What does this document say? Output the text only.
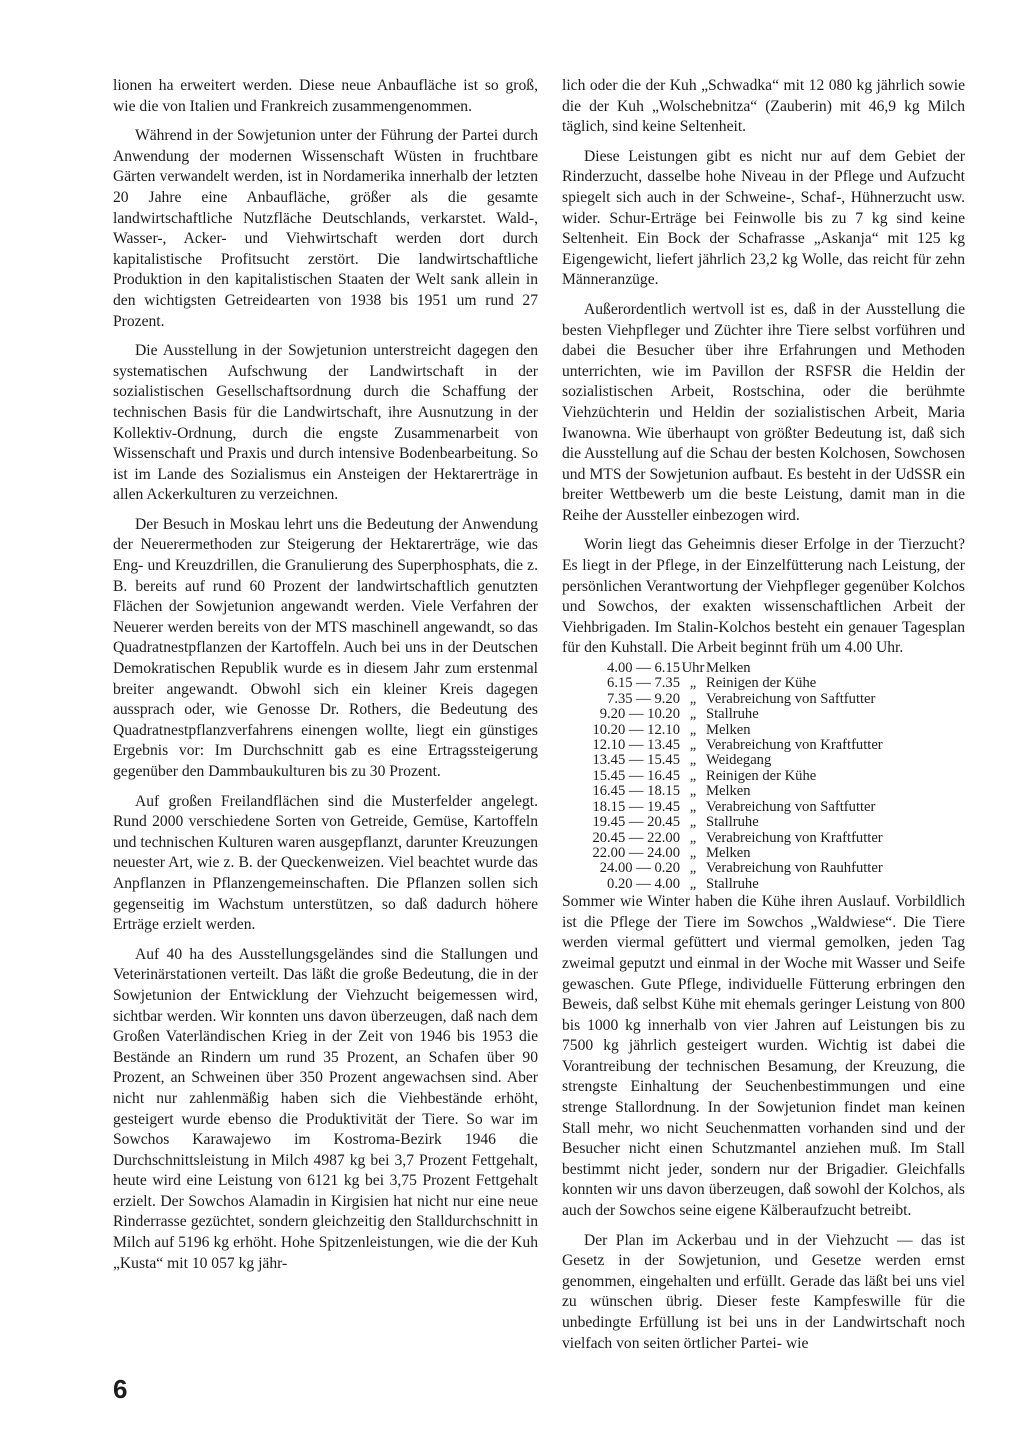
lionen ha erweitert werden. Diese neue Anbaufläche ist so groß, wie die von Italien und Frankreich zusammengenommen.

Während in der Sowjetunion unter der Führung der Partei durch Anwendung der modernen Wissenschaft Wüsten in fruchtbare Gärten verwandelt werden, ist in Nordamerika innerhalb der letzten 20 Jahre eine Anbaufläche, größer als die gesamte landwirtschaftliche Nutzfläche Deutschlands, verkarstet. Wald-, Wasser-, Acker- und Viehwirtschaft werden dort durch kapitalistische Profitsucht zerstört. Die landwirtschaftliche Produktion in den kapitalistischen Staaten der Welt sank allein in den wichtigsten Getreidearten von 1938 bis 1951 um rund 27 Prozent.

Die Ausstellung in der Sowjetunion unterstreicht dagegen den systematischen Aufschwung der Landwirtschaft in der sozialistischen Gesellschaftsordnung durch die Schaffung der technischen Basis für die Landwirtschaft, ihre Ausnutzung in der Kollektiv-Ordnung, durch die engste Zusammenarbeit von Wissenschaft und Praxis und durch intensive Bodenbearbeitung. So ist im Lande des Sozialismus ein Ansteigen der Hektarerträge in allen Ackerkulturen zu verzeichnen.

Der Besuch in Moskau lehrt uns die Bedeutung der Anwendung der Neuerermethoden zur Steigerung der Hektarerträge, wie das Eng- und Kreuzdrillen, die Granulierung des Superphosphats, die z. B. bereits auf rund 60 Prozent der landwirtschaftlich genutzten Flächen der Sowjetunion angewandt werden. Viele Verfahren der Neuerer werden bereits von der MTS maschinell angewandt, so das Quadratnestpflanzen der Kartoffeln. Auch bei uns in der Deutschen Demokratischen Republik wurde es in diesem Jahr zum erstenmal breiter angewandt. Obwohl sich ein kleiner Kreis dagegen aussprach oder, wie Genosse Dr. Rothers, die Bedeutung des Quadratnestpflanzverfahrens einengen wollte, liegt ein günstiges Ergebnis vor: Im Durchschnitt gab es eine Ertragssteigerung gegenüber den Dammbaukulturen bis zu 30 Prozent.

Auf großen Freilandflächen sind die Musterfelder angelegt. Rund 2000 verschiedene Sorten von Getreide, Gemüse, Kartoffeln und technischen Kulturen waren ausgepflanzt, darunter Kreuzungen neuester Art, wie z. B. der Queckenweizen. Viel beachtet wurde das Anpflanzen in Pflanzengemeinschaften. Die Pflanzen sollen sich gegenseitig im Wachstum unterstützen, so daß dadurch höhere Erträge erzielt werden.

Auf 40 ha des Ausstellungsgeländes sind die Stallungen und Veterinärstationen verteilt. Das läßt die große Bedeutung, die in der Sowjetunion der Entwicklung der Viehzucht beigemessen wird, sichtbar werden. Wir konnten uns davon überzeugen, daß nach dem Großen Vaterländischen Krieg in der Zeit von 1946 bis 1953 die Bestände an Rindern um rund 35 Prozent, an Schafen über 90 Prozent, an Schweinen über 350 Prozent angewachsen sind. Aber nicht nur zahlenmäßig haben sich die Viehbestände erhöht, gesteigert wurde ebenso die Produktivität der Tiere. So war im Sowchos Karawajewo im Kostroma-Bezirk 1946 die Durchschnittsleistung in Milch 4987 kg bei 3,7 Prozent Fettgehalt, heute wird eine Leistung von 6121 kg bei 3,75 Prozent Fettgehalt erzielt. Der Sowchos Alamadin in Kirgisien hat nicht nur eine neue Rinderrasse gezüchtet, sondern gleichzeitig den Stalldurchschnitt in Milch auf 5196 kg erhöht. Hohe Spitzenleistungen, wie die der Kuh „Kusta“ mit 10 057 kg jähr-

lich oder die der Kuh „Schwadka“ mit 12 080 kg jährlich sowie die der Kuh „Wolschebnitza“ (Zauberin) mit 46,9 kg Milch täglich, sind keine Seltenheit.

Diese Leistungen gibt es nicht nur auf dem Gebiet der Rinderzucht, dasselbe hohe Niveau in der Pflege und Aufzucht spiegelt sich auch in der Schweine-, Schaf-, Hühnerzucht usw. wider. Schur-Erträge bei Feinwolle bis zu 7 kg sind keine Seltenheit. Ein Bock der Schafrasse „Askanja“ mit 125 kg Eigengewicht, liefert jährlich 23,2 kg Wolle, das reicht für zehn Männeranzüge.

Außerordentlich wertvoll ist es, daß in der Ausstellung die besten Viehpfleger und Züchter ihre Tiere selbst vorführen und dabei die Besucher über ihre Erfahrungen und Methoden unterrichten, wie im Pavillon der RSFSR die Heldin der sozialistischen Arbeit, Rostschina, oder die berühmte Viehzüchterin und Heldin der sozialistischen Arbeit, Maria Iwanowna. Wie überhaupt von größter Bedeutung ist, daß sich die Ausstellung auf die Schau der besten Kolchosen, Sowchosen und MTS der Sowjetunion aufbaut. Es besteht in der UdSSR ein breiter Wettbewerb um die beste Leistung, damit man in die Reihe der Aussteller einbezogen wird.

Worin liegt das Geheimnis dieser Erfolge in der Tierzucht? Es liegt in der Pflege, in der Einzelfütterung nach Leistung, der persönlichen Verantwortung der Viehpfleger gegenüber Kolchos und Sowchos, der exakten wissenschaftlichen Arbeit der Viehbrigaden. Im Stalin-Kolchos besteht ein genauer Tagesplan für den Kuhstall. Die Arbeit beginnt früh um 4.00 Uhr.

4.00 — 6.15 Uhr Melken
6.15 — 7.35 „ Reinigen der Kühe
7.35 — 9.20 „ Verabreichung von Saftfutter
9.20 — 10.20 „ Stallruhe
10.20 — 12.10 „ Melken
12.10 — 13.45 „ Verabreichung von Kraftfutter
13.45 — 15.45 „ Weidegang
15.45 — 16.45 „ Reinigen der Kühe
16.45 — 18.15 „ Melken
18.15 — 19.45 „ Verabreichung von Saftfutter
19.45 — 20.45 „ Stallruhe
20.45 — 22.00 „ Verabreichung von Kraftfutter
22.00 — 24.00 „ Melken
24.00 — 0.20 „ Verabreichung von Rauhfutter
0.20 — 4.00 „ Stallruhe

Sommer wie Winter haben die Kühe ihren Auslauf. Vorbildlich ist die Pflege der Tiere im Sowchos „Waldwiese“. Die Tiere werden viermal gefüttert und viermal gemolken, jeden Tag zweimal geputzt und einmal in der Woche mit Wasser und Seife gewaschen. Gute Pflege, individuelle Fütterung erbringen den Beweis, daß selbst Kühe mit ehemals geringer Leistung von 800 bis 1000 kg innerhalb von vier Jahren auf Leistungen bis zu 7500 kg jährlich gesteigert wurden. Wichtig ist dabei die Vorantreibung der technischen Besamung, der Kreuzung, die strengste Einhaltung der Seuchenbestimmungen und eine strenge Stallordnung. In der Sowjetunion findet man keinen Stall mehr, wo nicht Seuchenmatten vorhanden sind und der Besucher nicht einen Schutzmantel anziehen muß. Im Stall bestimmt nicht jeder, sondern nur der Brigadier. Gleichfalls konnten wir uns davon überzeugen, daß sowohl der Kolchos, als auch der Sowchos seine eigene Kälberaufzucht betreibt.

Der Plan im Ackerbau und in der Viehzucht — das ist Gesetz in der Sowjetunion, und Gesetze werden ernst genommen, eingehalten und erfüllt. Gerade das läßt bei uns viel zu wünschen übrig. Dieser feste Kampfeswille für die unbedingte Erfüllung ist bei uns in der Landwirtschaft noch vielfach von seiten örtlicher Partei- wie

6
